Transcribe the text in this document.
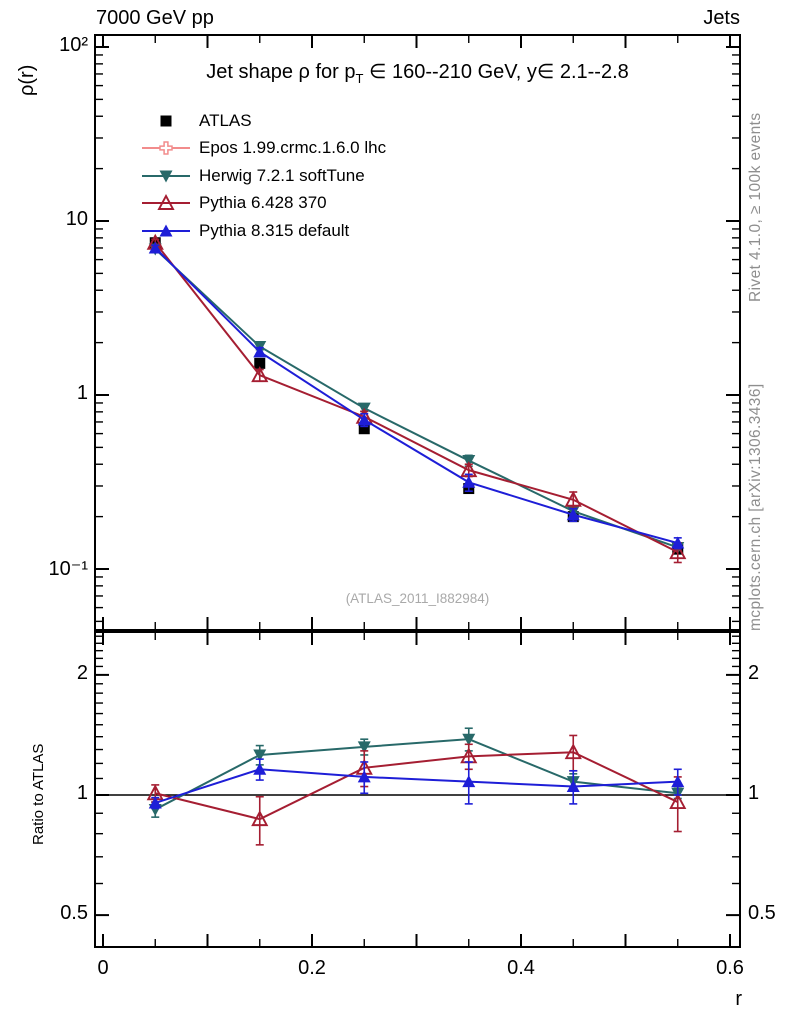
7000 GeV pp	Jets
ρ(r)	Jet shape ρ for $p_T$ ∈ 160--210 GeV, y∈ 2.1--2.8
ATLAS
Epos 1.99.crmc.1.6.0 lhc
Herwig 7.2.1 softTune
Pythia 6.428 370
Pythia 8.315 default
(ATLAS_2011_I882984)
Rivet 4.1.0, ≥ 100k events
mcplots.cern.ch [arXiv:1306.3436]
Ratio to ATLAS
r
10²
10
1
10⁻¹
2	2
1	1
0.5	0.5
0	0.2	0.4	0.6
